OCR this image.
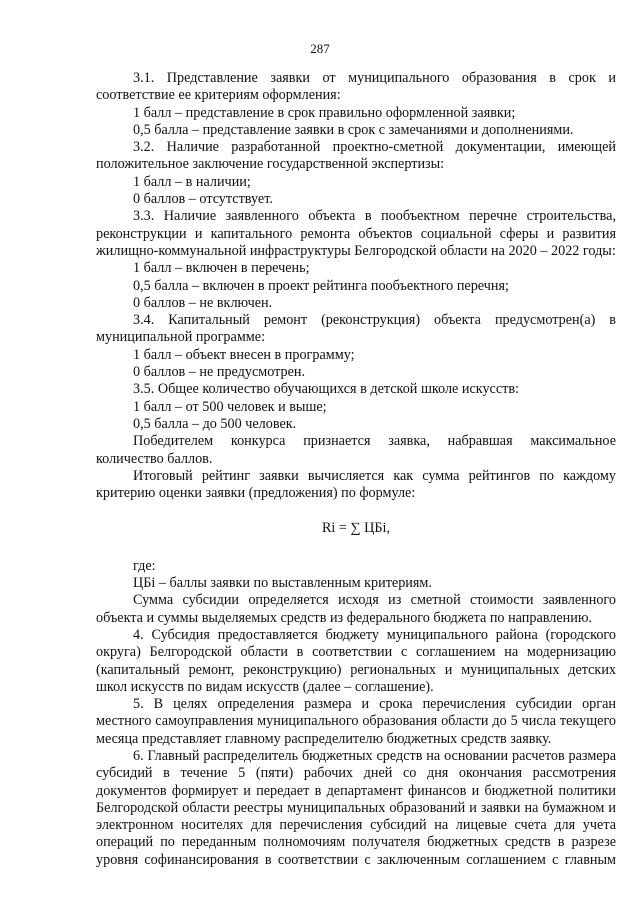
287

3.1. Представление заявки от муниципального образования в срок и соответствие ее критериям оформления:

1 балл – представление в срок правильно оформленной заявки;

0,5 балла – представление заявки в срок с замечаниями и дополнениями.

3.2. Наличие разработанной проектно-сметной документации, имеющей положительное заключение государственной экспертизы:

1 балл – в наличии;

0 баллов – отсутствует.

3.3. Наличие заявленного объекта в пообъектном перечне строительства, реконструкции и капитального ремонта объектов социальной сферы и развития жилищно-коммунальной инфраструктуры Белгородской области на 2020 – 2022 годы:

1 балл – включен в перечень;

0,5 балла – включен в проект рейтинга пообъектного перечня;

0 баллов – не включен.

3.4. Капитальный ремонт (реконструкция) объекта предусмотрен(а) в муниципальной программе:

1 балл – объект внесен в программу;

0 баллов – не предусмотрен.

3.5. Общее количество обучающихся в детской школе искусств:

1 балл – от 500 человек и выше;

0,5 балла – до 500 человек.

Победителем конкурса признается заявка, набравшая максимальное количество баллов.

Итоговый рейтинг заявки вычисляется как сумма рейтингов по каждому критерию оценки заявки (предложения) по формуле:

Ri = ∑ ЦБi,

где:

ЦБi – баллы заявки по выставленным критериям.

Сумма субсидии определяется исходя из сметной стоимости заявленного объекта и суммы выделяемых средств из федерального бюджета по направлению.

4. Субсидия предоставляется бюджету муниципального района (городского округа) Белгородской области в соответствии с соглашением на модернизацию (капитальный ремонт, реконструкцию) региональных и муниципальных детских школ искусств по видам искусств (далее – соглашение).

5. В целях определения размера и срока перечисления субсидии орган местного самоуправления муниципального образования области до 5 числа текущего месяца представляет главному распределителю бюджетных средств заявку.

6. Главный распределитель бюджетных средств на основании расчетов размера субсидий в течение 5 (пяти) рабочих дней со дня окончания рассмотрения документов формирует и передает в департамент финансов и бюджетной политики Белгородской области реестры муниципальных образований и заявки на бумажном и электронном носителях для перечисления субсидий на лицевые счета для учета операций по переданным полномочиям получателя бюджетных средств в разрезе уровня софинансирования в соответствии с заключенным соглашением с главным
